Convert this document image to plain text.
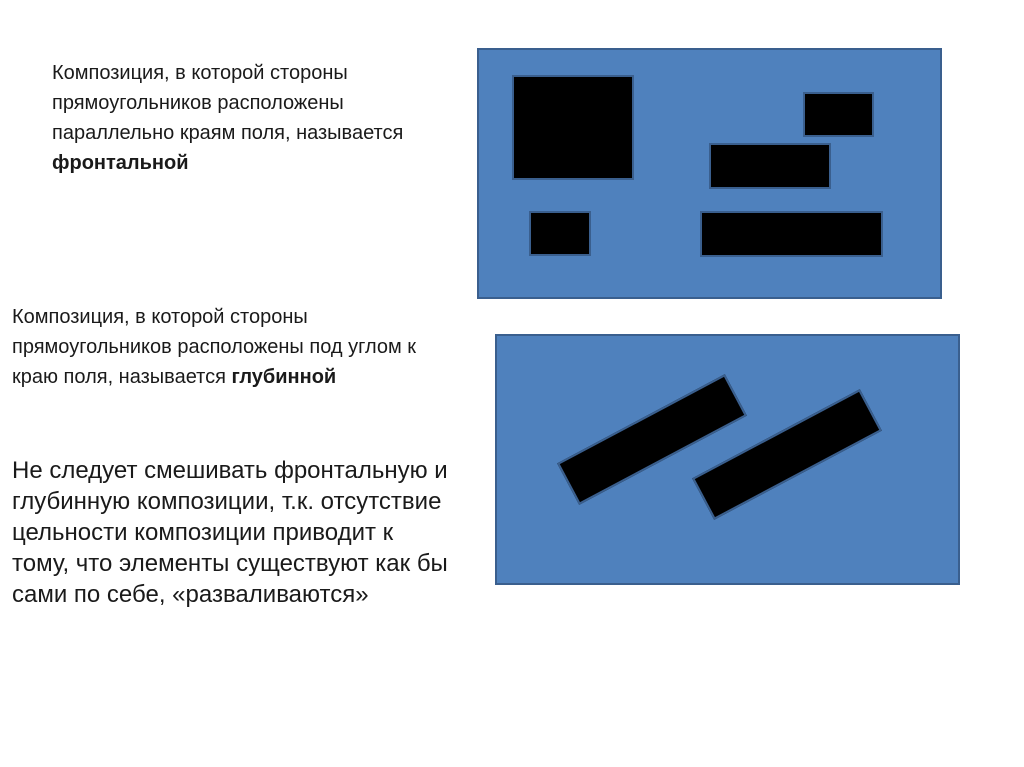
Композиция, в которой стороны
прямоугольников расположены
параллельно краям поля, называется
фронтальной
Композиция, в которой стороны
прямоугольников расположены под углом к
краю поля, называется глубинной
Не следует смешивать фронтальную и
глубинную композиции, т.к. отсутствие
цельности композиции приводит к
тому, что элементы существуют как бы
сами по себе, «разваливаются»
